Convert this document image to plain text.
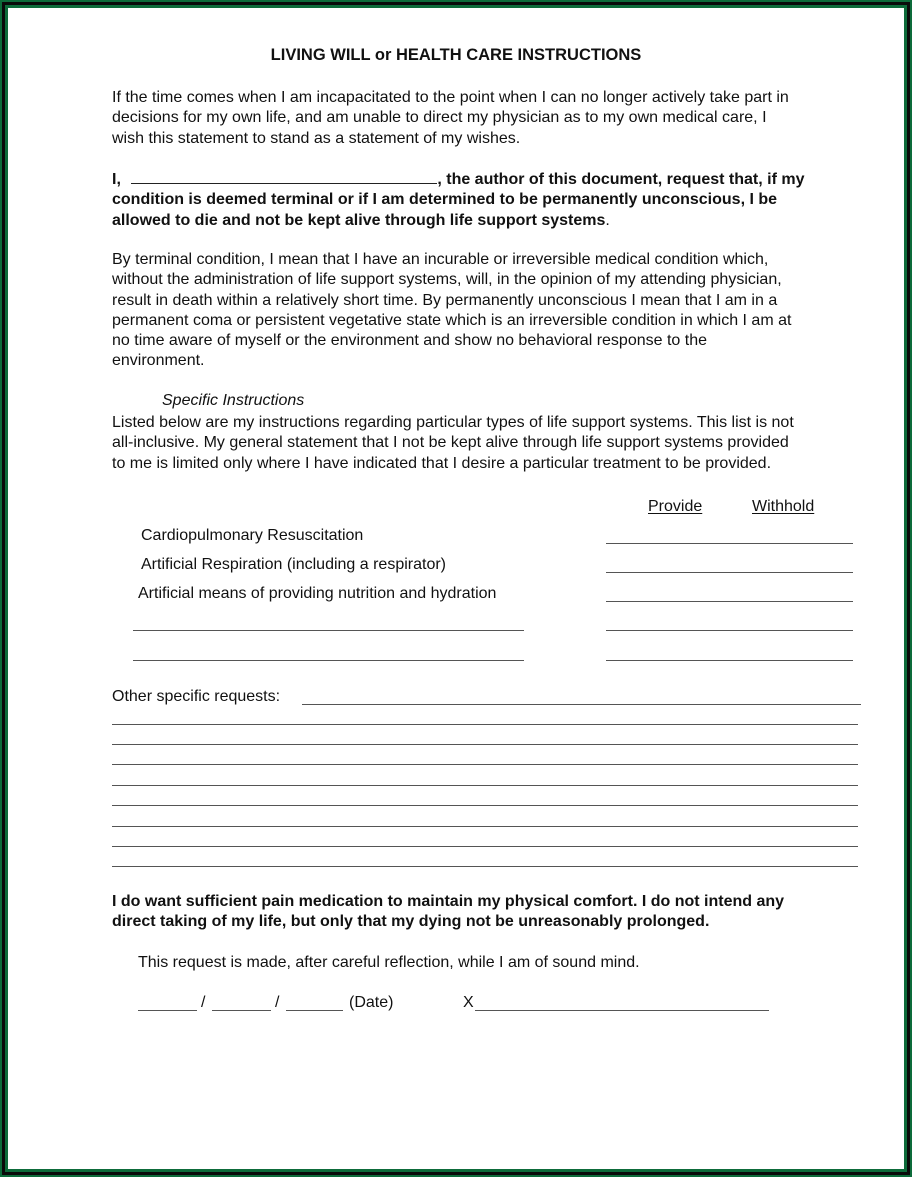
LIVING WILL or HEALTH CARE INSTRUCTIONS
If the time comes when I am incapacitated to the point when I can no longer actively take part in
decisions for my own life, and am unable to direct my physician as to my own medical care, I
wish this statement to stand as a statement of my wishes.
I,	, the author of this document, request that, if my
condition is deemed terminal or if I am determined to be permanently unconscious, I be
allowed to die and not be kept alive through life support systems.
By terminal condition, I mean that I have an incurable or irreversible medical condition which,
without the administration of life support systems, will, in the opinion of my attending physician,
result in death within a relatively short time. By permanently unconscious I mean that I am in a
permanent coma or persistent vegetative state which is an irreversible condition in which I am at
no time aware of myself or the environment and show no behavioral response to the
environment.
Specific Instructions
Listed below are my instructions regarding particular types of life support systems. This list is not
all-inclusive. My general statement that I not be kept alive through life support systems provided
to me is limited only where I have indicated that I desire a particular treatment to be provided.
Provide	Withhold
Cardiopulmonary Resuscitation
Artificial Respiration (including a respirator)
Artificial means of providing nutrition and hydration
Other specific requests:
I do want sufficient pain medication to maintain my physical comfort. I do not intend any
direct taking of my life, but only that my dying not be unreasonably prolonged.
This request is made, after careful reflection, while I am of sound mind.
/	/	(Date)	X
